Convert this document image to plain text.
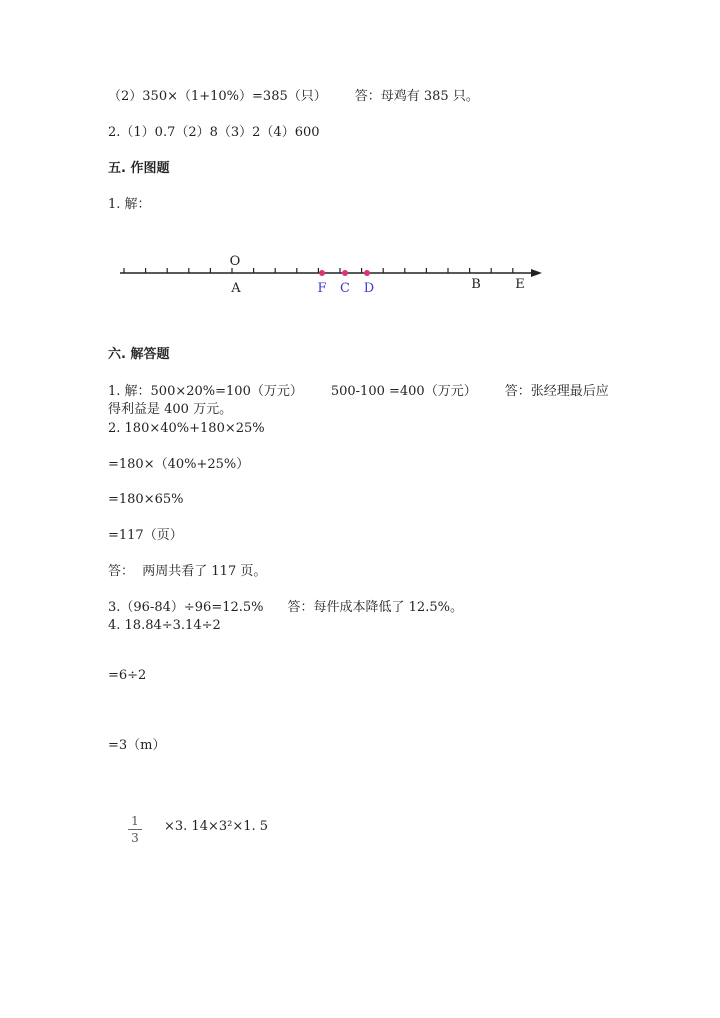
（2）350×（1+10%）=385（只） 答：母鸡有 385 只。
2.（1）0.7（2）8（3）2（4）600
五. 作图题
1. 解：
O
A	F C D	B	E
六. 解答题
1. 解：500×20%=100（万元） 500-100 =400（万元） 答：张经理最后应
得利益是 400 万元。
2. 180×40%+180×25%
=180×（40%+25%）
=180×65%
=117（页）
答：  两周共看了 117 页。
3.（96-84）÷96=12.5% 答：每件成本降低了 12.5%。
4. 18.84÷3.14÷2
=6÷2
=3（m）
1
3
×3. 14×3²×1. 5
